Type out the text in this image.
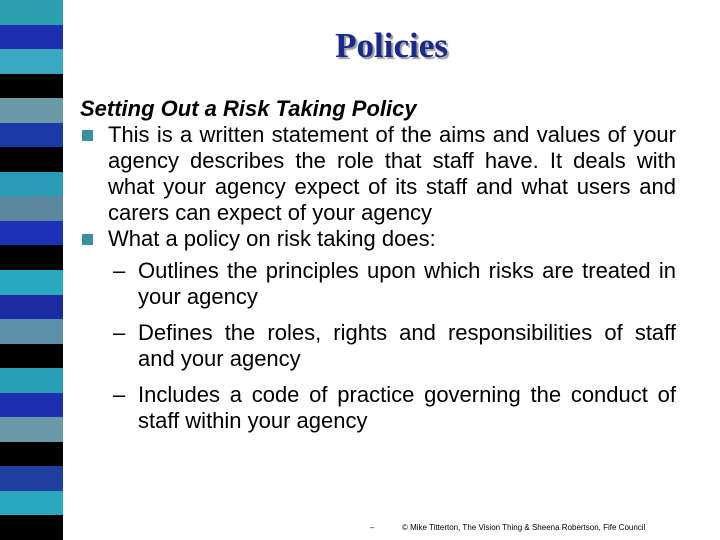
Policies

Setting Out a Risk Taking Policy

This is a written statement of the aims and values of your agency describes the role that staff have. It deals with what your agency expect of its staff and what users and carers can expect of your agency

What a policy on risk taking does:

– Outlines the principles upon which risks are treated in your agency

– Defines the roles, rights and responsibilities of staff and your agency

– Includes a code of practice governing the conduct of staff within your agency

–	© Mike Titterton, The Vision Thing & Sheena Robertson, Fife Council
